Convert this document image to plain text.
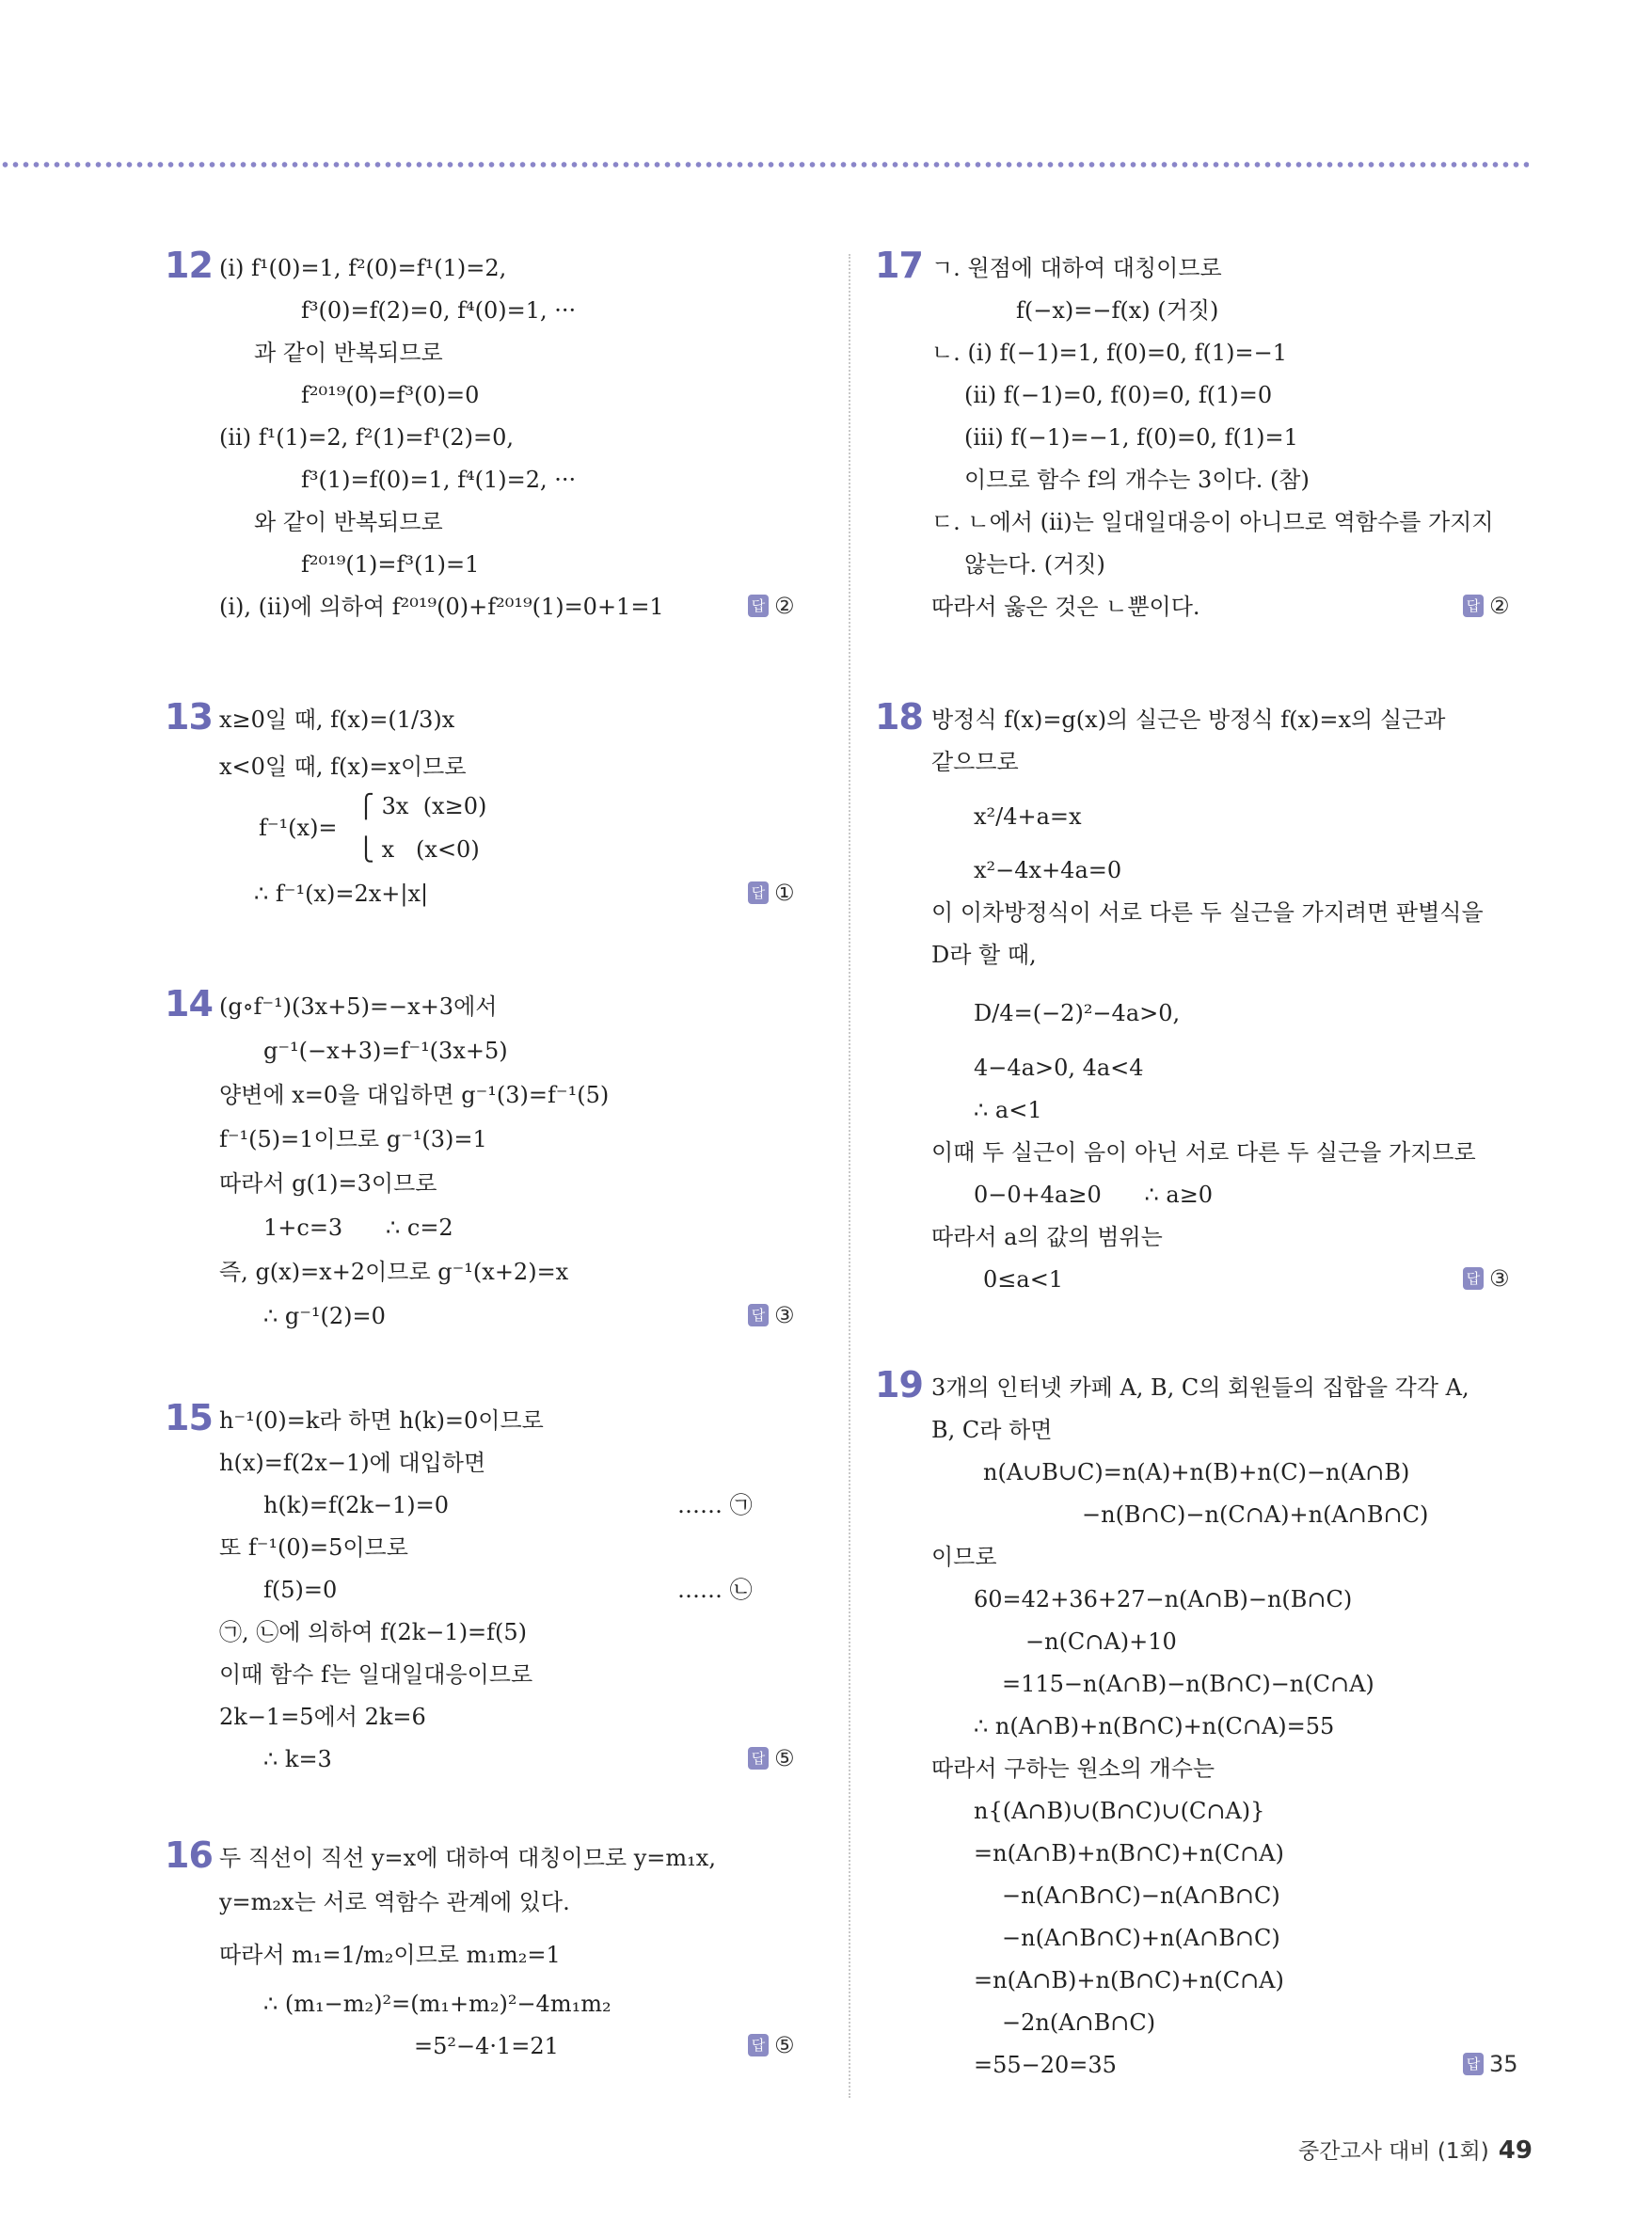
12 (i) f¹(0)=1, f²(0)=f¹(1)=2,
f³(0)=f(2)=0, f⁴(0)=1, ···
과 같이 반복되므로
f²⁰¹⁹(0)=f³(0)=0
(ii) f¹(1)=2, f²(1)=f¹(2)=0,
f³(1)=f(0)=1, f⁴(1)=2, ···
와 같이 반복되므로
f²⁰¹⁹(1)=f³(1)=1
(i), (ii)에 의하여 f²⁰¹⁹(0)+f²⁰¹⁹(1)=0+1=1	답 ②
13 x≥0일 때, f(x)=(1/3)x
x<0일 때, f(x)=x이므로
⎧ 3x  (x≥0)
f⁻¹(x)=
⎩ x   (x<0)
∴ f⁻¹(x)=2x+|x|	답 ①
14 (g∘f⁻¹)(3x+5)=−x+3에서
g⁻¹(−x+3)=f⁻¹(3x+5)
양변에 x=0을 대입하면 g⁻¹(3)=f⁻¹(5)
f⁻¹(5)=1이므로 g⁻¹(3)=1
따라서 g(1)=3이므로
1+c=3      ∴ c=2
즉, g(x)=x+2이므로 g⁻¹(x+2)=x
∴ g⁻¹(2)=0	답 ③
15 h⁻¹(0)=k라 하면 h(k)=0이므로
h(x)=f(2x−1)에 대입하면
h(k)=f(2k−1)=0	…… ㉠
또 f⁻¹(0)=5이므로
f(5)=0	…… ㉡
㉠, ㉡에 의하여 f(2k−1)=f(5)
이때 함수 f는 일대일대응이므로
2k−1=5에서 2k=6
∴ k=3	답 ⑤
16 두 직선이 직선 y=x에 대하여 대칭이므로 y=m₁x,
y=m₂x는 서로 역함수 관계에 있다.
따라서 m₁=1/m₂이므로 m₁m₂=1
∴ (m₁−m₂)²=(m₁+m₂)²−4m₁m₂
=5²−4·1=21	답 ⑤
17 ㄱ. 원점에 대하여 대칭이므로
f(−x)=−f(x) (거짓)
ㄴ. (i) f(−1)=1, f(0)=0, f(1)=−1
(ii) f(−1)=0, f(0)=0, f(1)=0
(iii) f(−1)=−1, f(0)=0, f(1)=1
이므로 함수 f의 개수는 3이다. (참)
ㄷ. ㄴ에서 (ii)는 일대일대응이 아니므로 역함수를 가지지
않는다. (거짓)
따라서 옳은 것은 ㄴ뿐이다.	답 ②
18 방정식 f(x)=g(x)의 실근은 방정식 f(x)=x의 실근과
같으므로
x²/4+a=x
x²−4x+4a=0
이 이차방정식이 서로 다른 두 실근을 가지려면 판별식을
D라 할 때,
D/4=(−2)²−4a>0,
4−4a>0, 4a<4
∴ a<1
이때 두 실근이 음이 아닌 서로 다른 두 실근을 가지므로
0−0+4a≥0      ∴ a≥0
따라서 a의 값의 범위는
0≤a<1	답 ③
19 3개의 인터넷 카페 A, B, C의 회원들의 집합을 각각 A,
B, C라 하면
n(A∪B∪C)=n(A)+n(B)+n(C)−n(A∩B)
−n(B∩C)−n(C∩A)+n(A∩B∩C)
이므로
60=42+36+27−n(A∩B)−n(B∩C)
−n(C∩A)+10
=115−n(A∩B)−n(B∩C)−n(C∩A)
∴ n(A∩B)+n(B∩C)+n(C∩A)=55
따라서 구하는 원소의 개수는
n{(A∩B)∪(B∩C)∪(C∩A)}
=n(A∩B)+n(B∩C)+n(C∩A)
−n(A∩B∩C)−n(A∩B∩C)
−n(A∩B∩C)+n(A∩B∩C)
=n(A∩B)+n(B∩C)+n(C∩A)
−2n(A∩B∩C)
=55−20=35	답 35
중간고사 대비 (1회) 49
